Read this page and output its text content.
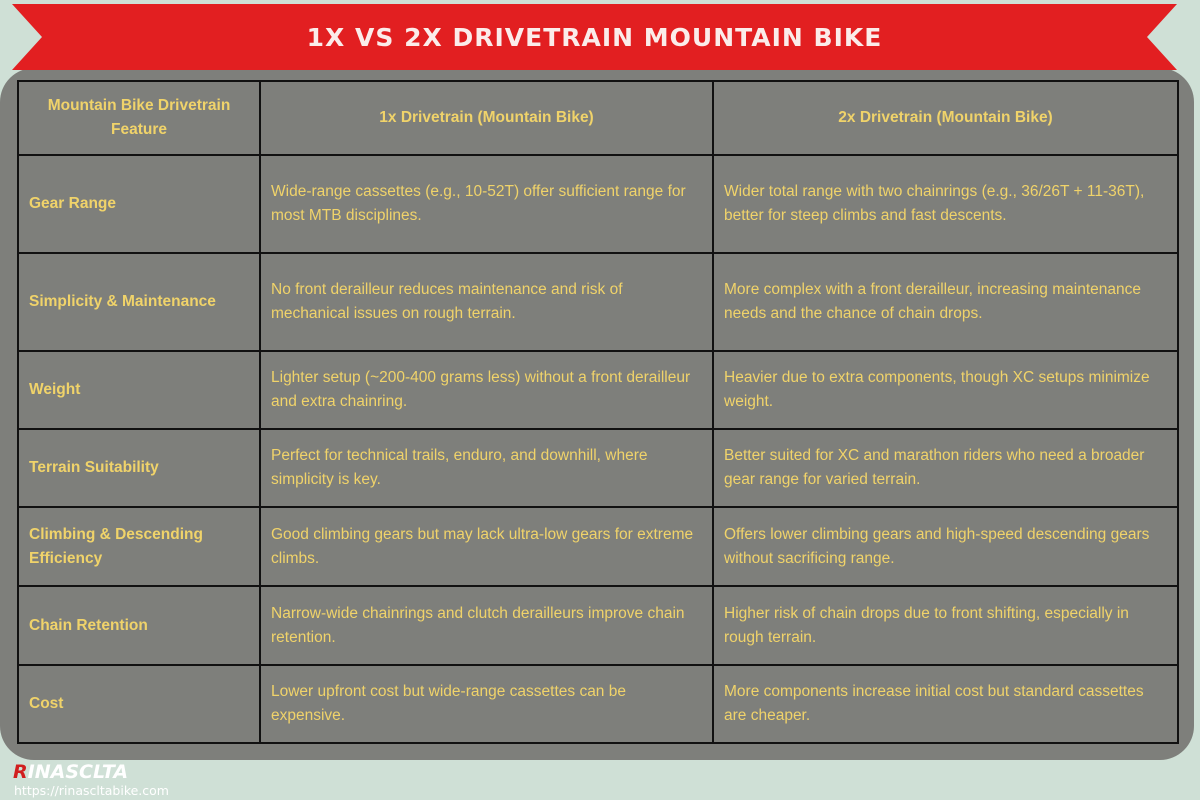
1X VS 2X DRIVETRAIN MOUNTAIN BIKE
Mountain Bike Drivetrain Feature	1x Drivetrain (Mountain Bike)	2x Drivetrain (Mountain Bike)
Gear Range	Wide-range cassettes (e.g., 10-52T) offer sufficient range for most MTB disciplines.	Wider total range with two chainrings (e.g., 36/26T + 11-36T), better for steep climbs and fast descents.
Simplicity & Maintenance	No front derailleur reduces maintenance and risk of mechanical issues on rough terrain.	More complex with a front derailleur, increasing maintenance needs and the chance of chain drops.
Weight	Lighter setup (~200-400 grams less) without a front derailleur and extra chainring.	Heavier due to extra components, though XC setups minimize weight.
Terrain Suitability	Perfect for technical trails, enduro, and downhill, where simplicity is key.	Better suited for XC and marathon riders who need a broader gear range for varied terrain.
Climbing & Descending Efficiency	Good climbing gears but may lack ultra-low gears for extreme climbs.	Offers lower climbing gears and high-speed descending gears without sacrificing range.
Chain Retention	Narrow-wide chainrings and clutch derailleurs improve chain retention.	Higher risk of chain drops due to front shifting, especially in rough terrain.
Cost	Lower upfront cost but wide-range cassettes can be expensive.	More components increase initial cost but standard cassettes are cheaper.
RINASCLTA
https://rinascltabike.com
